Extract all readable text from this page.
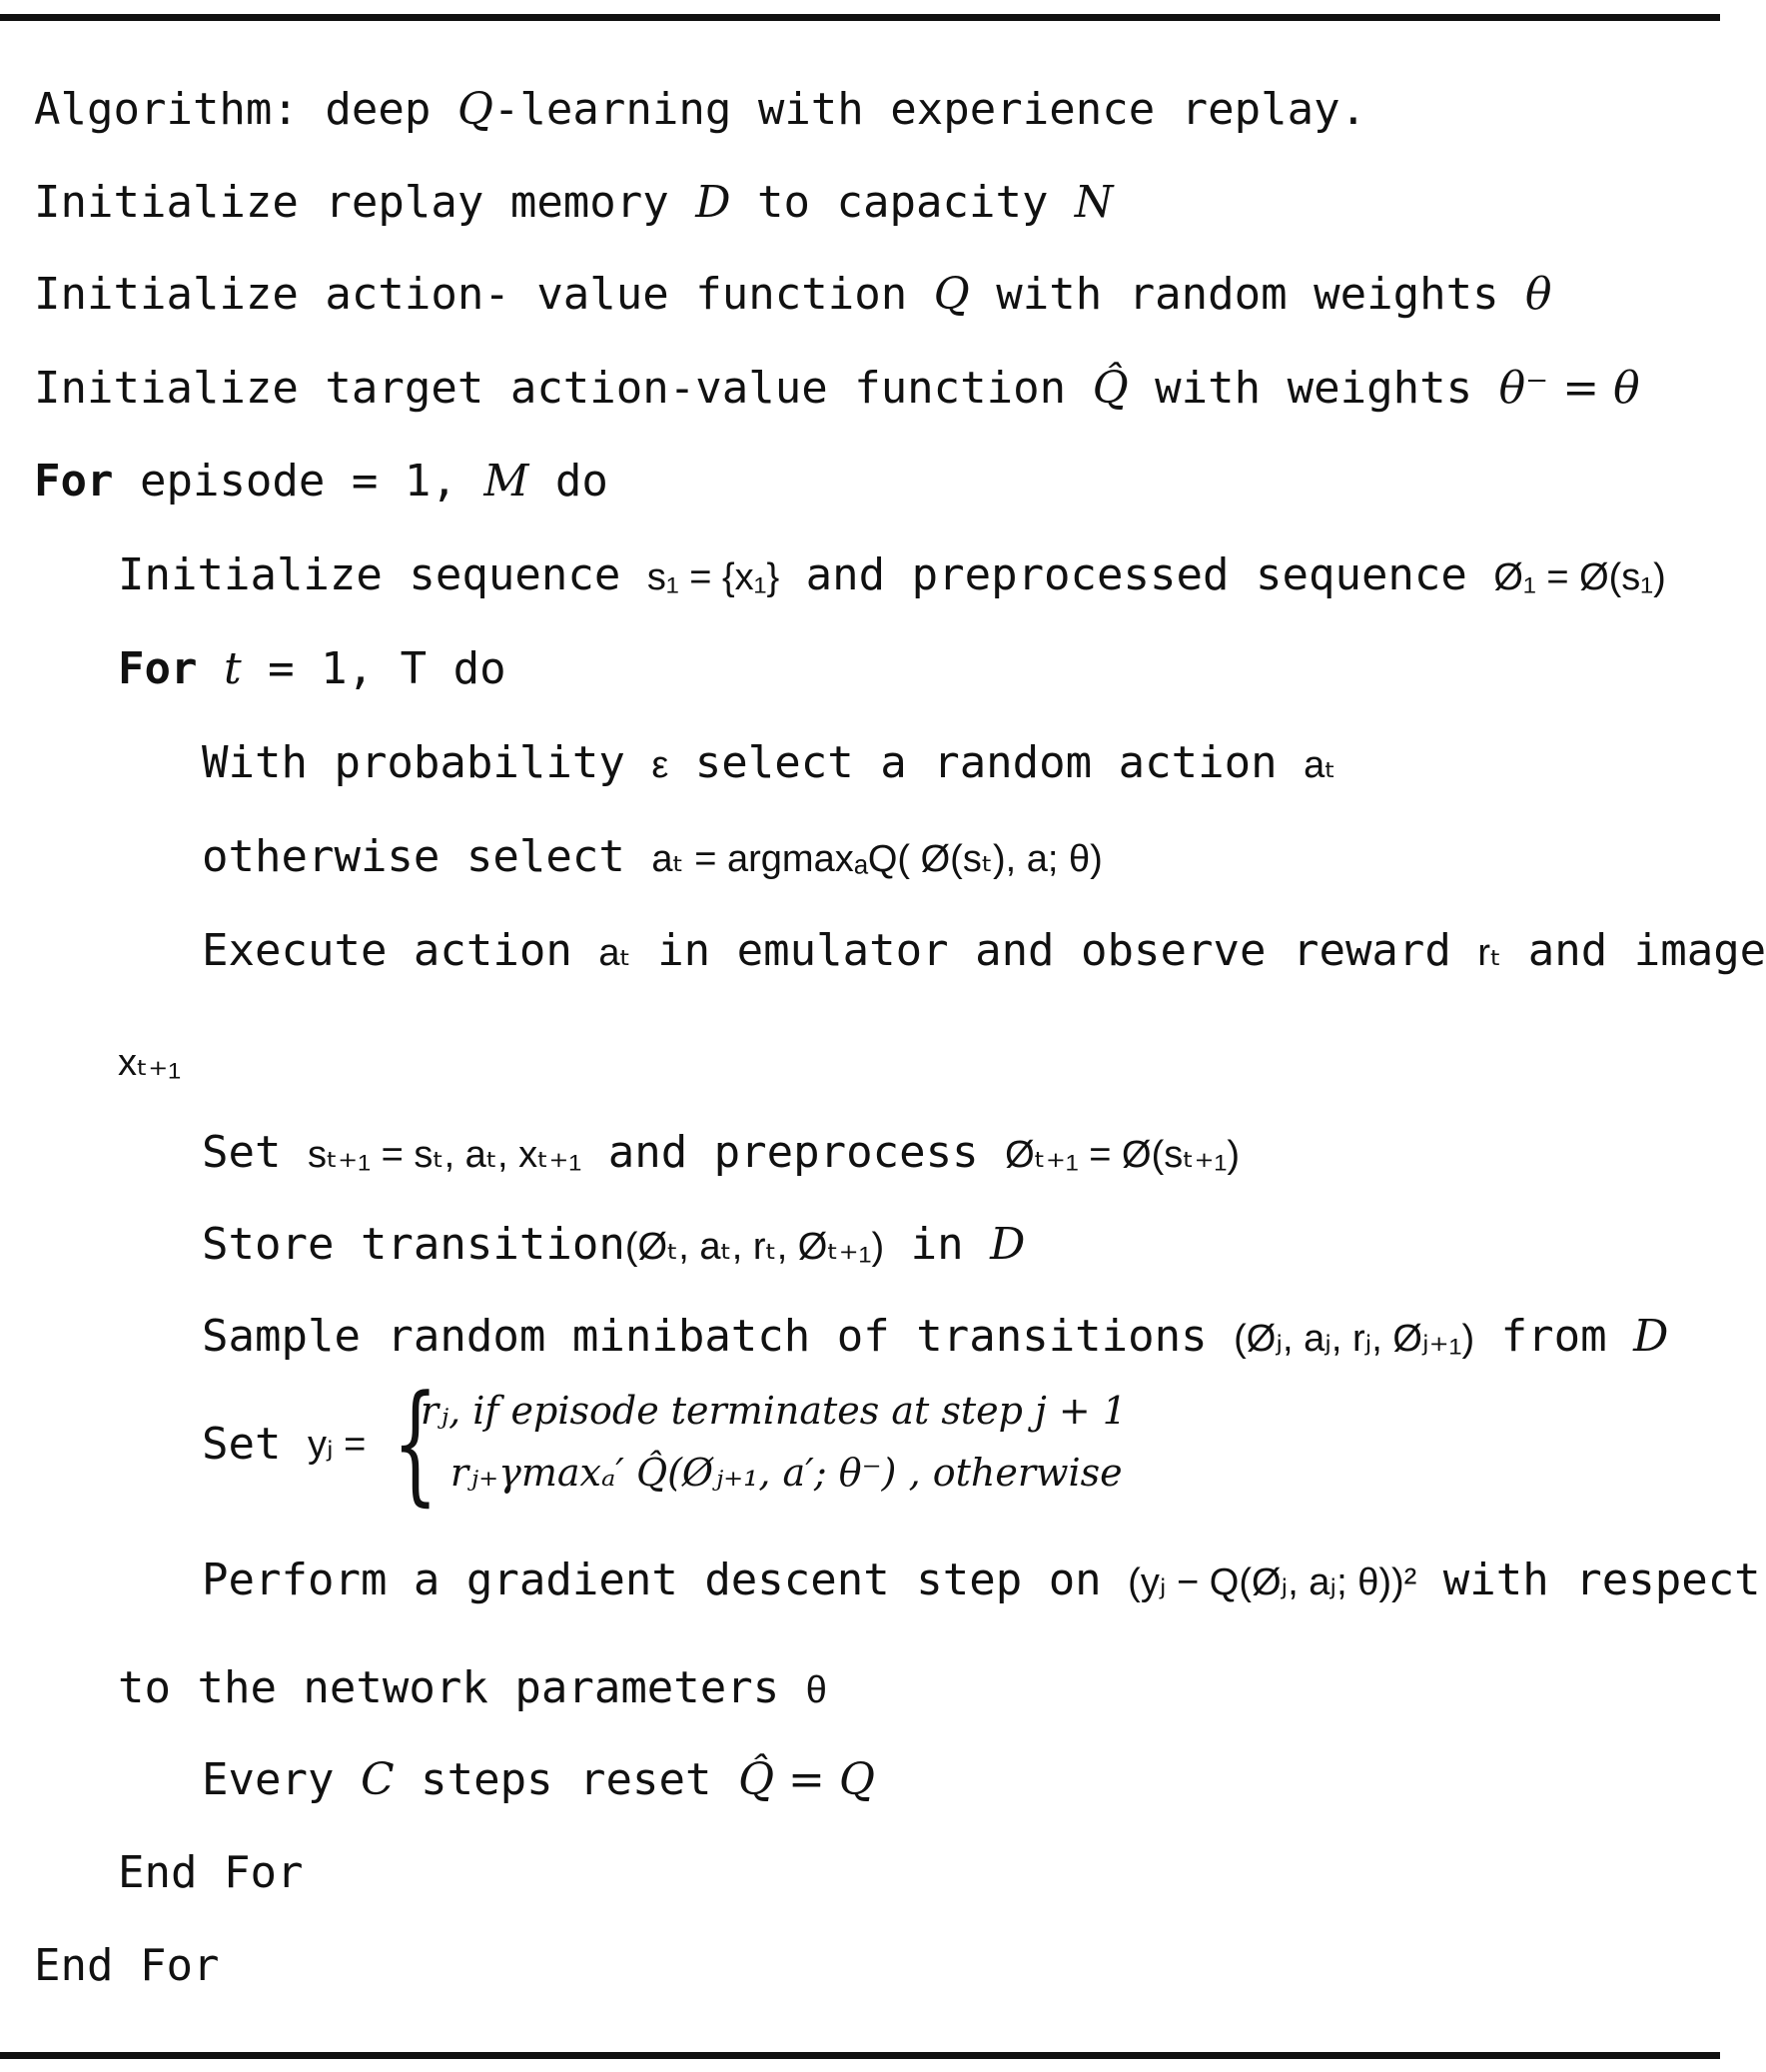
Algorithm: deep Q-learning with experience replay.
Initialize replay memory D to capacity N
Initialize action- value function Q with random weights θ
Initialize target action-value function Q̂ with weights θ⁻ = θ
For episode = 1, M do
Initialize sequence s₁ = {x₁} and preprocessed sequence Ø₁ = Ø(s₁)
For t = 1, T do
With probability ε select a random action aₜ
otherwise select aₜ = argmaxₐQ( Ø(sₜ), a; θ)
Execute action aₜ in emulator and observe reward rₜ and image
xₜ₊₁
Set sₜ₊₁ = sₜ, aₜ, xₜ₊₁ and preprocess Øₜ₊₁ = Ø(sₜ₊₁)
Store transition(Øₜ, aₜ, rₜ, Øₜ₊₁) in D
Sample random minibatch of transitions (Øⱼ, aⱼ, rⱼ, Øⱼ₊₁) from D
Set yⱼ = {
rⱼ, if episode terminates at step j + 1
rⱼ₊γmaxₐ′ Q̂(Øⱼ₊₁, a′; θ⁻) , otherwise
Perform a gradient descent step on (yⱼ − Q(Øⱼ, aⱼ; θ))² with respect
to the network parameters θ
Every C steps reset Q̂ = Q
End For
End For
